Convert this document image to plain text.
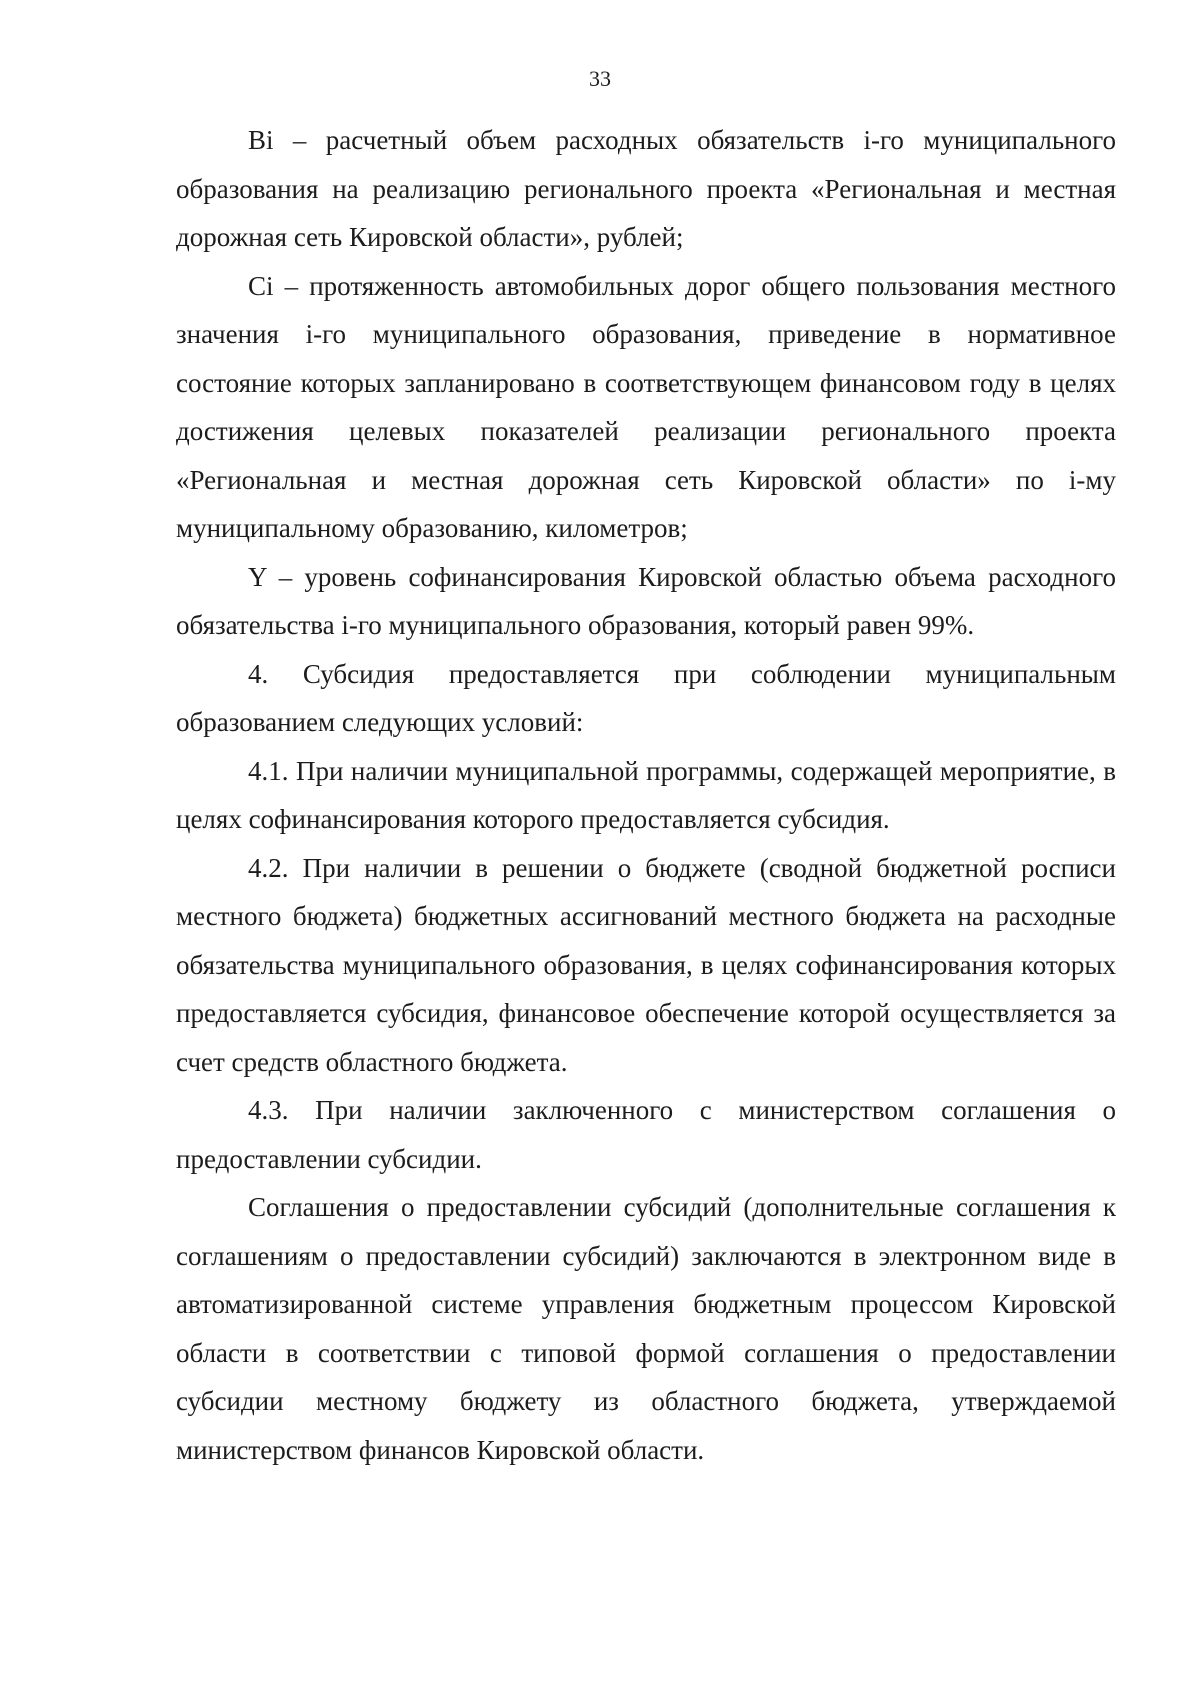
33

Bi – расчетный объем расходных обязательств i-го муниципального образования на реализацию регионального проекта «Региональная и местная дорожная сеть Кировской области», рублей;

Ci – протяженность автомобильных дорог общего пользования местного значения i-го муниципального образования, приведение в нормативное состояние которых запланировано в соответствующем финансовом году в целях достижения целевых показателей реализации регионального проекта «Региональная и местная дорожная сеть Кировской области» по i-му муниципальному образованию, километров;

Y – уровень софинансирования Кировской областью объема расходного обязательства i-го муниципального образования, который равен 99%.

4. Субсидия предоставляется при соблюдении муниципальным образованием следующих условий:

4.1. При наличии муниципальной программы, содержащей мероприятие, в целях софинансирования которого предоставляется субсидия.

4.2. При наличии в решении о бюджете (сводной бюджетной росписи местного бюджета) бюджетных ассигнований местного бюджета на расходные обязательства муниципального образования, в целях софинансирования которых предоставляется субсидия, финансовое обеспечение которой осуществляется за счет средств областного бюджета.

4.3. При наличии заключенного с министерством соглашения о предоставлении субсидии.

Соглашения о предоставлении субсидий (дополнительные соглашения к соглашениям о предоставлении субсидий) заключаются в электронном виде в автоматизированной системе управления бюджетным процессом Кировской области в соответствии с типовой формой соглашения о предоставлении субсидии местному бюджету из областного бюджета, утверждаемой министерством финансов Кировской области.
